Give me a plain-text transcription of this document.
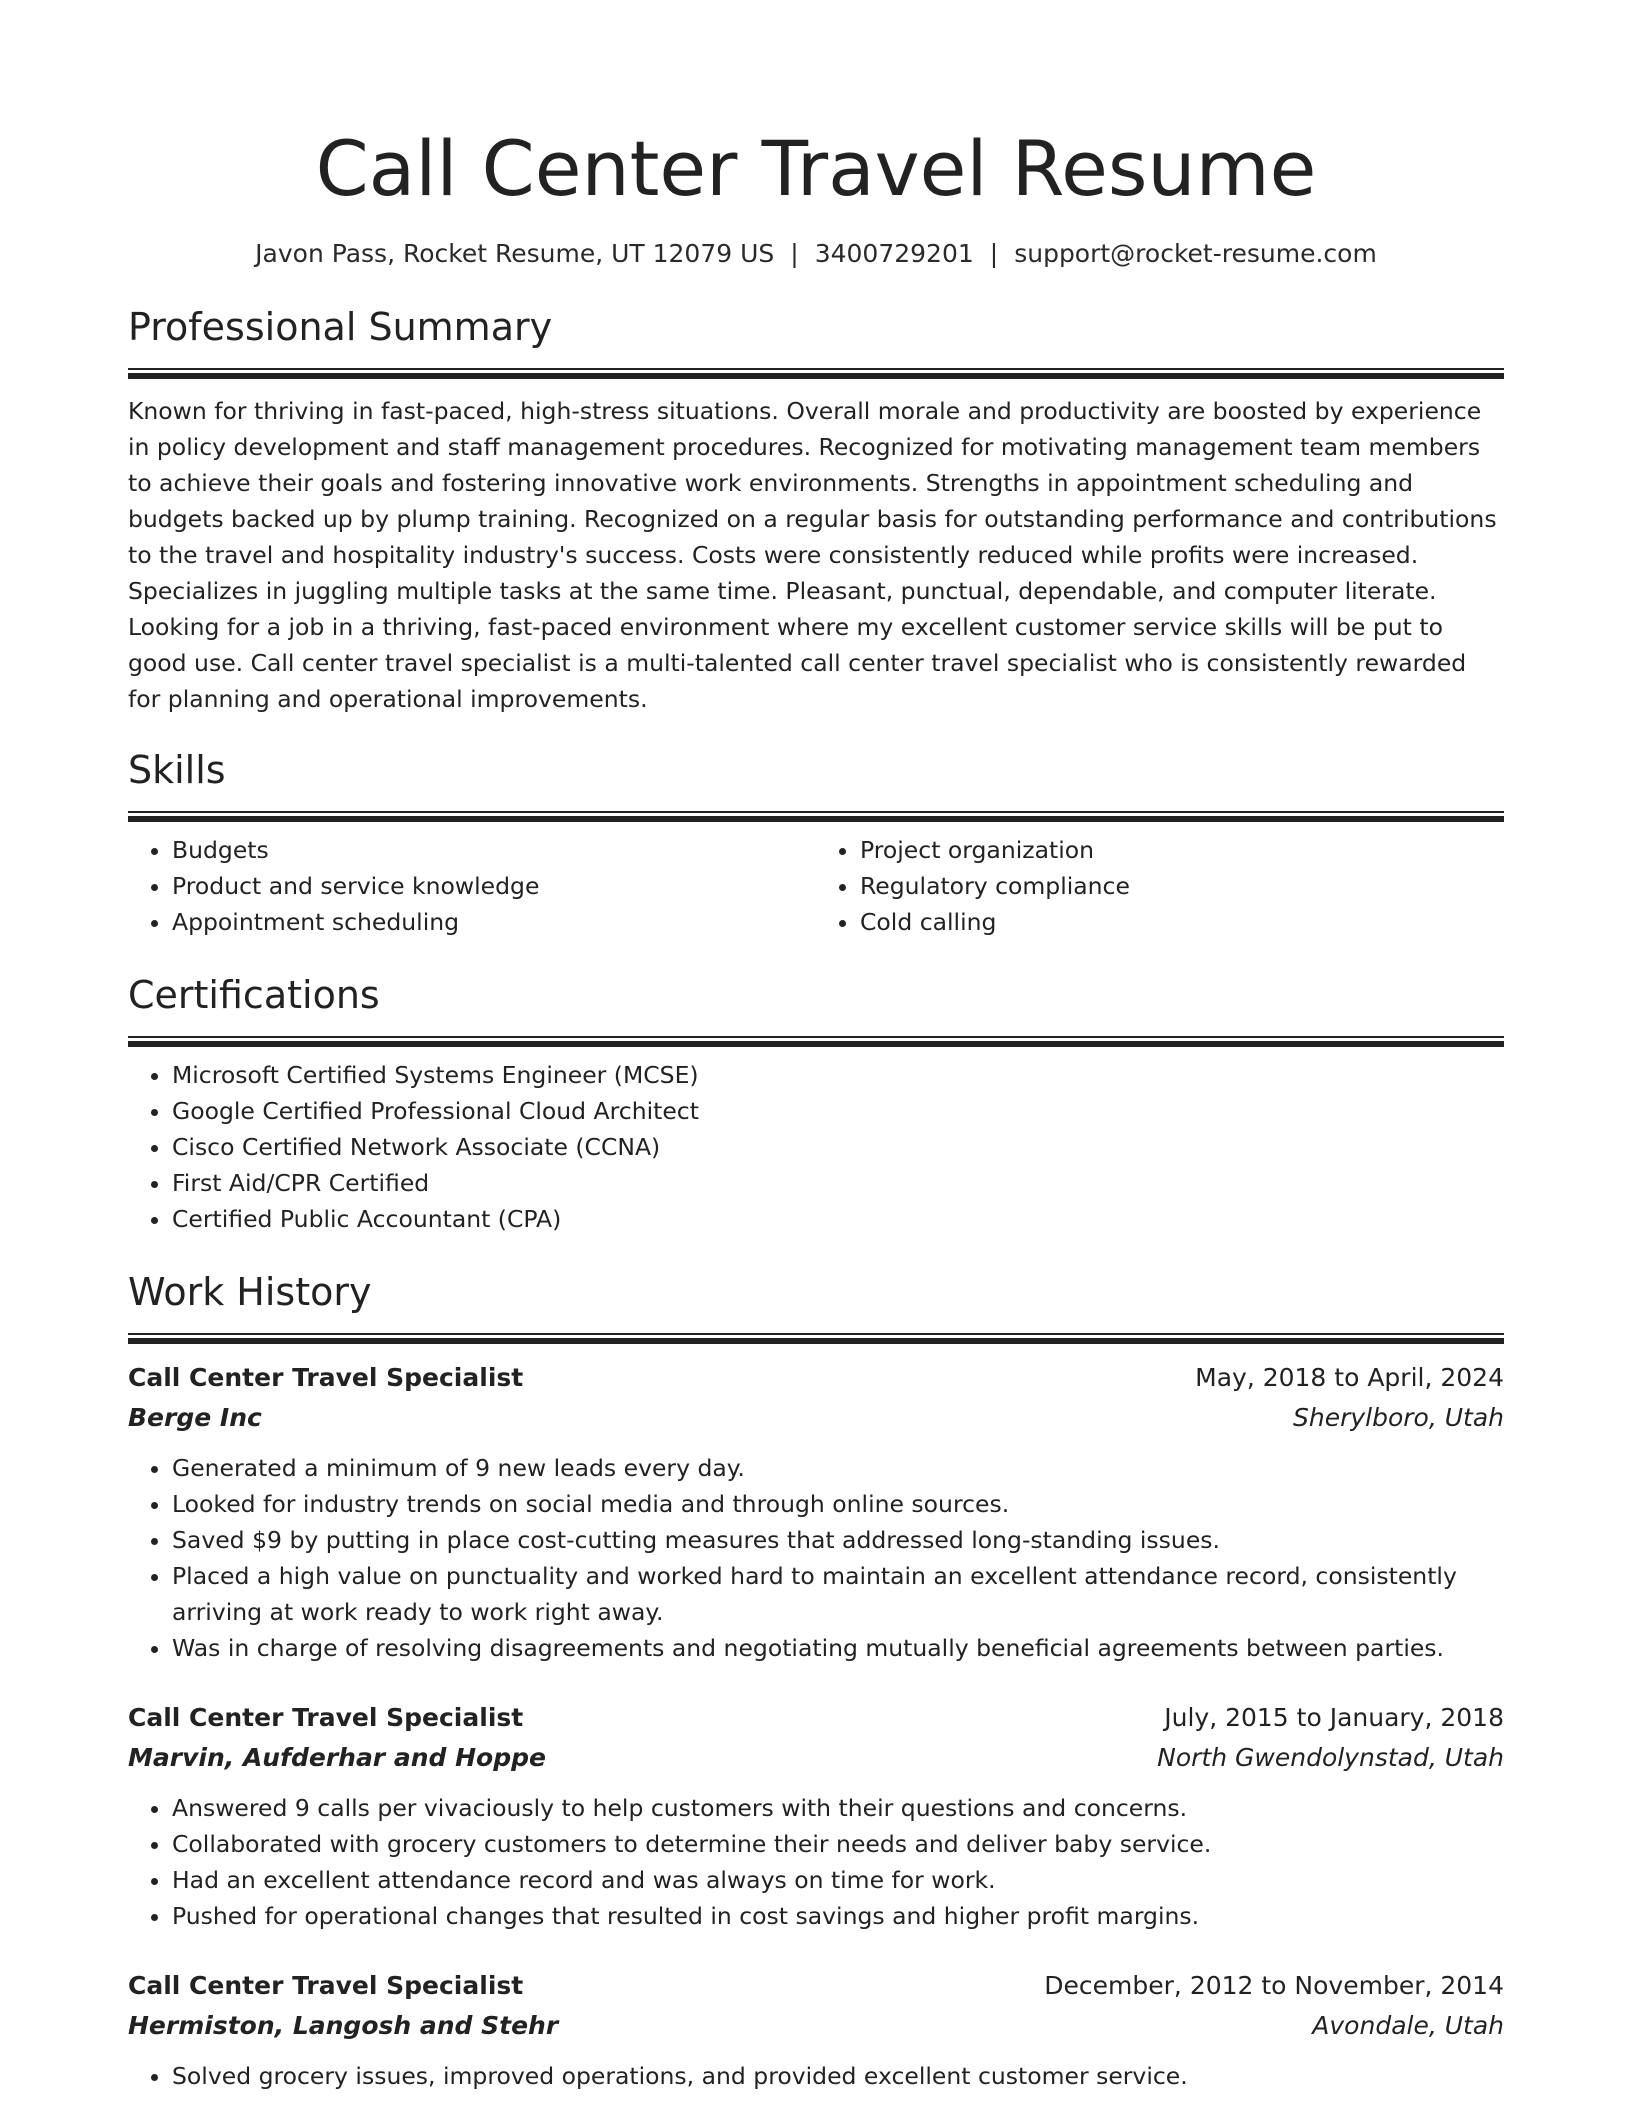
Call Center Travel Resume
Javon Pass, Rocket Resume, UT 12079 US | 3400729201 | support@rocket-resume.com
Professional Summary
Known for thriving in fast-paced, high-stress situations. Overall morale and productivity are boosted by experience in policy development and staff management procedures. Recognized for motivating management team members to achieve their goals and fostering innovative work environments. Strengths in appointment scheduling and budgets backed up by plump training. Recognized on a regular basis for outstanding performance and contributions to the travel and hospitality industry's success. Costs were consistently reduced while profits were increased. Specializes in juggling multiple tasks at the same time. Pleasant, punctual, dependable, and computer literate. Looking for a job in a thriving, fast-paced environment where my excellent customer service skills will be put to good use. Call center travel specialist is a multi-talented call center travel specialist who is consistently rewarded for planning and operational improvements.
Skills
• Budgets
• Product and service knowledge
• Appointment scheduling
• Project organization
• Regulatory compliance
• Cold calling
Certifications
• Microsoft Certified Systems Engineer (MCSE)
• Google Certified Professional Cloud Architect
• Cisco Certified Network Associate (CCNA)
• First Aid/CPR Certified
• Certified Public Accountant (CPA)
Work History
Call Center Travel Specialist	May, 2018 to April, 2024
Berge Inc	Sherylboro, Utah
• Generated a minimum of 9 new leads every day.
• Looked for industry trends on social media and through online sources.
• Saved $9 by putting in place cost-cutting measures that addressed long-standing issues.
• Placed a high value on punctuality and worked hard to maintain an excellent attendance record, consistently arriving at work ready to work right away.
• Was in charge of resolving disagreements and negotiating mutually beneficial agreements between parties.
Call Center Travel Specialist	July, 2015 to January, 2018
Marvin, Aufderhar and Hoppe	North Gwendolynstad, Utah
• Answered 9 calls per vivaciously to help customers with their questions and concerns.
• Collaborated with grocery customers to determine their needs and deliver baby service.
• Had an excellent attendance record and was always on time for work.
• Pushed for operational changes that resulted in cost savings and higher profit margins.
Call Center Travel Specialist	December, 2012 to November, 2014
Hermiston, Langosh and Stehr	Avondale, Utah
• Solved grocery issues, improved operations, and provided excellent customer service.
